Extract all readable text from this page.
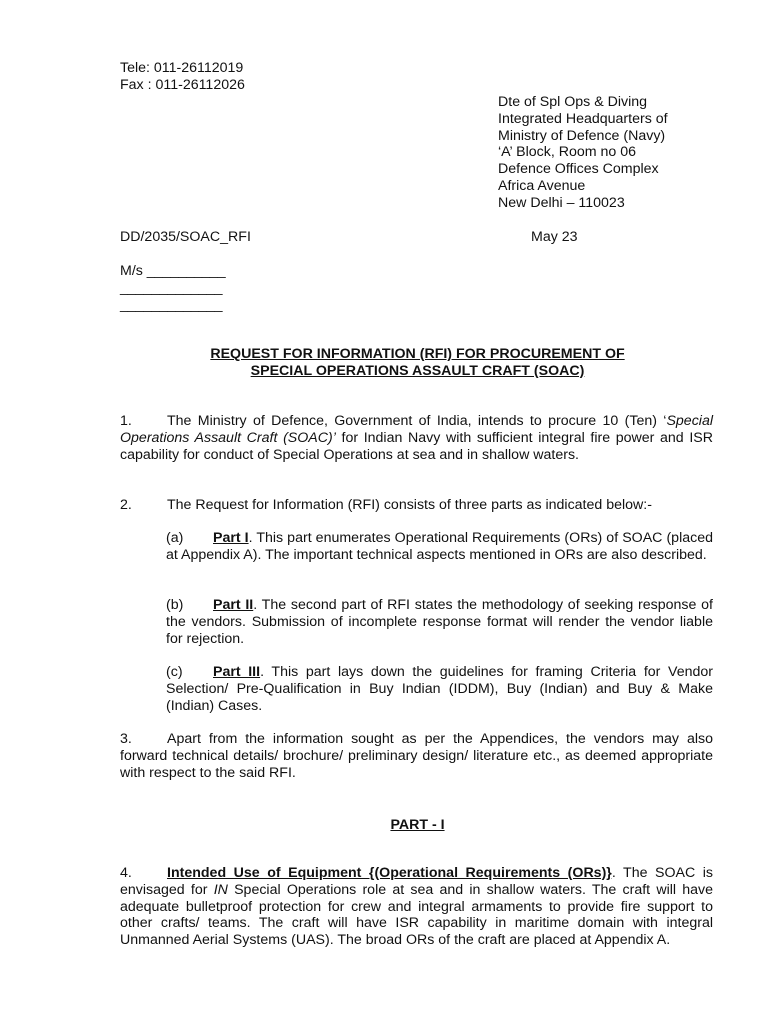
Tele: 011-26112019
Fax : 011-26112026
Dte of Spl Ops & Diving
Integrated Headquarters of
Ministry of Defence (Navy)
‘A’ Block, Room no 06
Defence Offices Complex
Africa Avenue
New Delhi – 110023
DD/2035/SOAC_RFI	May 23
M/s __________
_____________
_____________
REQUEST FOR INFORMATION (RFI) FOR PROCUREMENT OF
SPECIAL OPERATIONS ASSAULT CRAFT (SOAC)
1. The Ministry of Defence, Government of India, intends to procure 10 (Ten) ‘Special Operations Assault Craft (SOAC)’ for Indian Navy with sufficient integral fire power and ISR capability for conduct of Special Operations at sea and in shallow waters.
2. The Request for Information (RFI) consists of three parts as indicated below:-
(a) Part I. This part enumerates Operational Requirements (ORs) of SOAC (placed at Appendix A). The important technical aspects mentioned in ORs are also described.
(b) Part II. The second part of RFI states the methodology of seeking response of the vendors. Submission of incomplete response format will render the vendor liable for rejection.
(c) Part III. This part lays down the guidelines for framing Criteria for Vendor Selection/ Pre-Qualification in Buy Indian (IDDM), Buy (Indian) and Buy & Make (Indian) Cases.
3. Apart from the information sought as per the Appendices, the vendors may also forward technical details/ brochure/ preliminary design/ literature etc., as deemed appropriate with respect to the said RFI.
PART - I
4. Intended Use of Equipment {(Operational Requirements (ORs)}. The SOAC is envisaged for IN Special Operations role at sea and in shallow waters. The craft will have adequate bulletproof protection for crew and integral armaments to provide fire support to other crafts/ teams. The craft will have ISR capability in maritime domain with integral Unmanned Aerial Systems (UAS). The broad ORs of the craft are placed at Appendix A.
